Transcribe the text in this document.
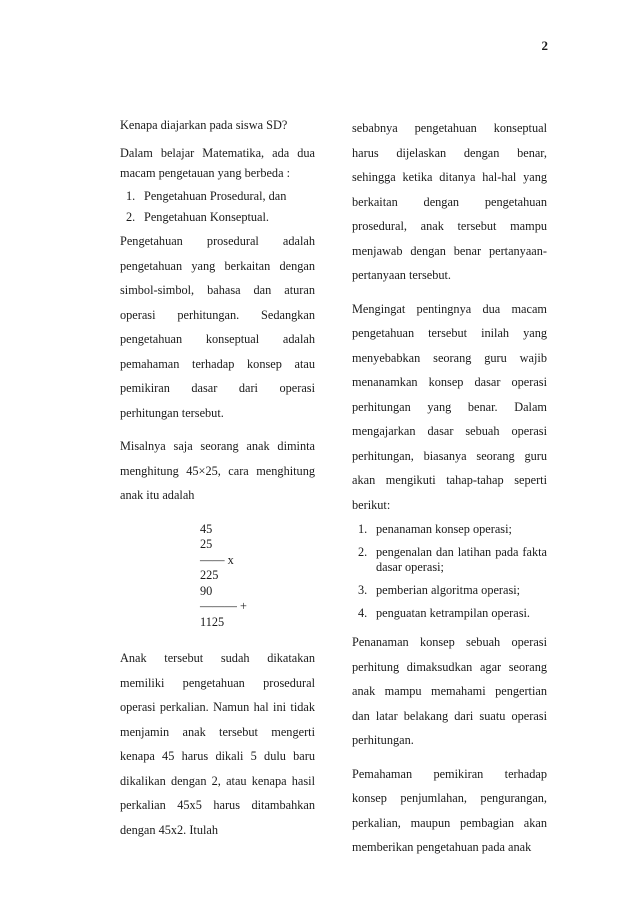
2

Kenapa diajarkan pada siswa SD?

Dalam belajar Matematika, ada dua macam pengetauan yang berbeda :

1. Pengetahuan Prosedural, dan
2. Pengetahuan Konseptual.

Pengetahuan prosedural adalah pengetahuan yang berkaitan dengan simbol-simbol, bahasa dan aturan operasi perhitungan. Sedangkan pengetahuan konseptual adalah pemahaman terhadap konsep atau pemikiran dasar dari operasi perhitungan tersebut.

Misalnya saja seorang anak diminta menghitung 45×25, cara menghitung anak itu adalah

45
25
—— x
225
90
——— +
1125

Anak tersebut sudah dikatakan memiliki pengetahuan prosedural operasi perkalian. Namun hal ini tidak menjamin anak tersebut mengerti kenapa 45 harus dikali 5 dulu baru dikalikan dengan 2, atau kenapa hasil perkalian 45x5 harus ditambahkan dengan 45x2. Itulah

sebabnya pengetahuan konseptual harus dijelaskan dengan benar, sehingga ketika ditanya hal-hal yang berkaitan dengan pengetahuan prosedural, anak tersebut mampu menjawab dengan benar pertanyaan-pertanyaan tersebut.

Mengingat pentingnya dua macam pengetahuan tersebut inilah yang menyebabkan seorang guru wajib menanamkan konsep dasar operasi perhitungan yang benar. Dalam mengajarkan dasar sebuah operasi perhitungan, biasanya seorang guru akan mengikuti tahap-tahap seperti berikut:

1. penanaman konsep operasi;
2. pengenalan dan latihan pada fakta dasar operasi;
3. pemberian algoritma operasi;
4. penguatan ketrampilan operasi.

Penanaman konsep sebuah operasi perhitung dimaksudkan agar seorang anak mampu memahami pengertian dan latar belakang dari suatu operasi perhitungan.

Pemahaman pemikiran terhadap konsep penjumlahan, pengurangan, perkalian, maupun pembagian akan memberikan pengetahuan pada anak
